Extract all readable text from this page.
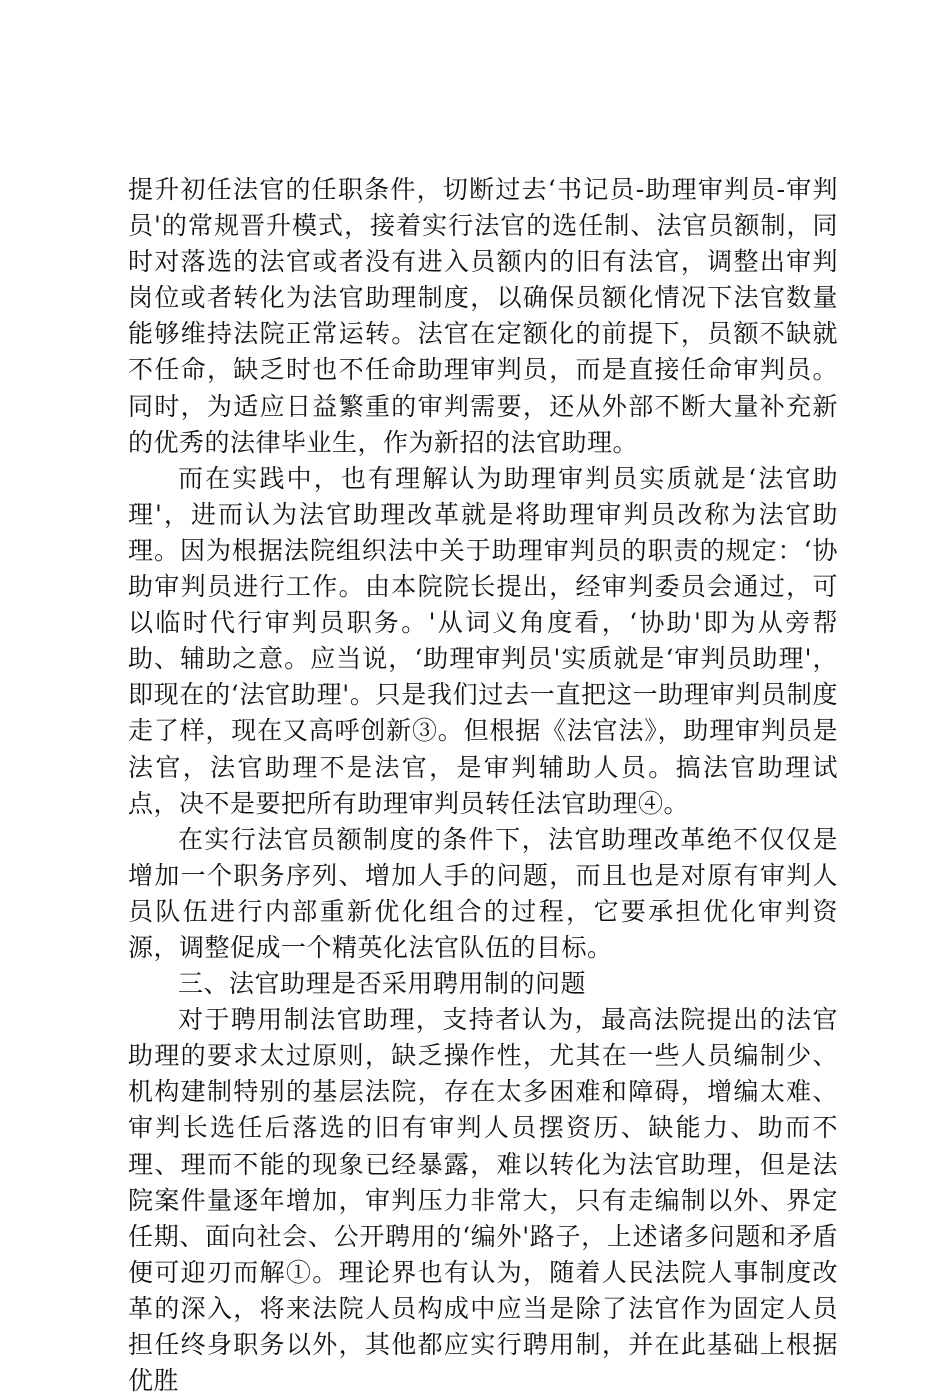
提升初任法官的任职条件，切断过去‘书记员-助理审判员-审判员'的常规晋升模式，接着实行法官的选任制、法官员额制，同时对落选的法官或者没有进入员额内的旧有法官，调整出审判岗位或者转化为法官助理制度，以确保员额化情况下法官数量能够维持法院正常运转。法官在定额化的前提下，员额不缺就不任命，缺乏时也不任命助理审判员，而是直接任命审判员。同时，为适应日益繁重的审判需要，还从外部不断大量补充新的优秀的法律毕业生，作为新招的法官助理。

而在实践中，也有理解认为助理审判员实质就是‘法官助理'，进而认为法官助理改革就是将助理审判员改称为法官助理。因为根据法院组织法中关于助理审判员的职责的规定：‘协助审判员进行工作。由本院院长提出，经审判委员会通过，可以临时代行审判员职务。'从词义角度看，‘协助'即为从旁帮助、辅助之意。应当说，‘助理审判员'实质就是‘审判员助理'，即现在的‘法官助理'。只是我们过去一直把这一助理审判员制度走了样，现在又高呼创新③。但根据《法官法》，助理审判员是法官，法官助理不是法官，是审判辅助人员。搞法官助理试点，决不是要把所有助理审判员转任法官助理④。

在实行法官员额制度的条件下，法官助理改革绝不仅仅是增加一个职务序列、增加人手的问题，而且也是对原有审判人员队伍进行内部重新优化组合的过程，它要承担优化审判资源，调整促成一个精英化法官队伍的目标。

三、法官助理是否采用聘用制的问题

对于聘用制法官助理，支持者认为，最高法院提出的法官助理的要求太过原则，缺乏操作性，尤其在一些人员编制少、机构建制特别的基层法院，存在太多困难和障碍，增编太难、审判长选任后落选的旧有审判人员摆资历、缺能力、助而不理、理而不能的现象已经暴露，难以转化为法官助理，但是法院案件量逐年增加，审判压力非常大，只有走编制以外、界定任期、面向社会、公开聘用的‘编外'路子，上述诸多问题和矛盾便可迎刃而解①。理论界也有认为，随着人民法院人事制度改革的深入，将来法院人员构成中应当是除了法官作为固定人员担任终身职务以外，其他都应实行聘用制，并在此基础上根据优胜
